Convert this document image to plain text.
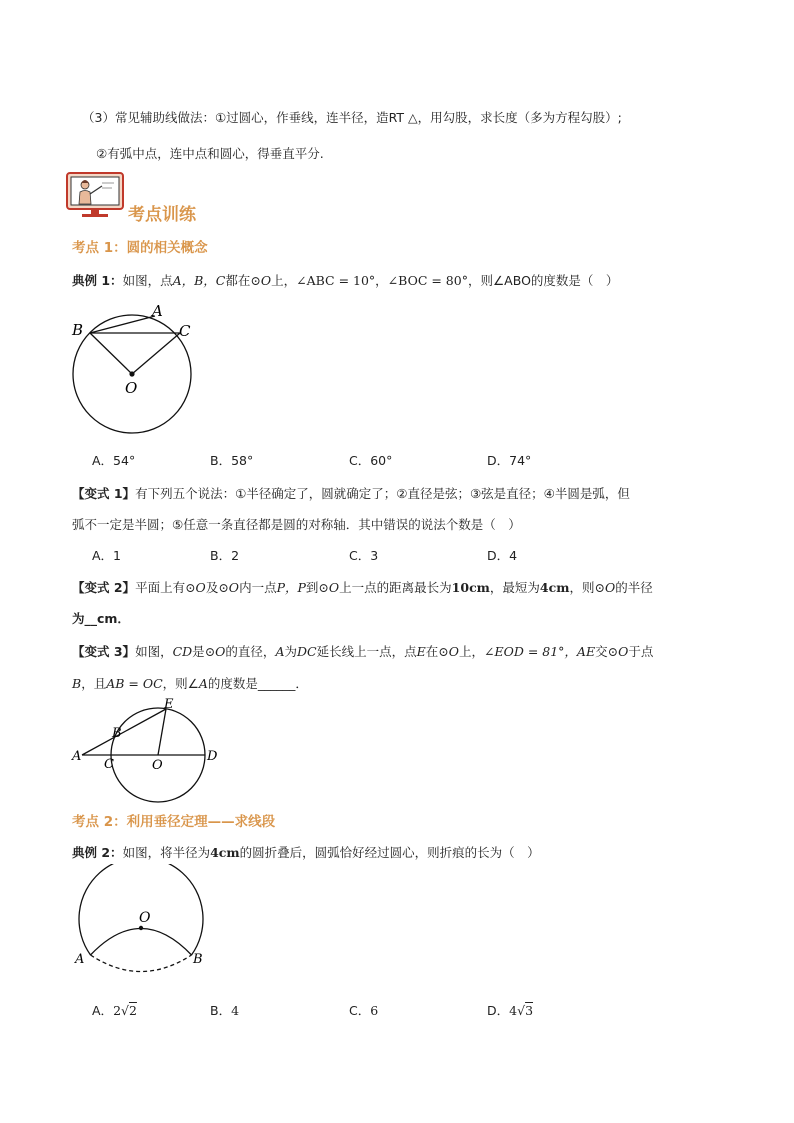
（3）常见辅助线做法：①过圆心，作垂线，连半径，造RT △，用勾股，求长度（多为方程勾股）;
②有弧中点，连中点和圆心，得垂直平分.
考点训练
考点 1：圆的相关概念
典例 1：如图，点A，B，C都在⊙O上，∠ABC = 10°，∠BOC = 80°，则∠ABO的度数是（　）
A
B	C
O
A．54°	B．58°	C．60°	D．74°
【变式 1】有下列五个说法：①半径确定了，圆就确定了；②直径是弦；③弦是直径；④半圆是弧，但
弧不一定是半圆；⑤任意一条直径都是圆的对称轴．其中错误的说法个数是（　）
A．1	B．2	C．3	D．4
【变式 2】平面上有⊙O及⊙O内一点P，P到⊙O上一点的距离最长为10cm，最短为4cm，则⊙O的半径
为__cm．
【变式 3】如图，CD是⊙O的直径，A为DC延长线上一点，点E在⊙O上，∠EOD = 81°，AE交⊙O于点
B，且AB = OC，则∠A的度数是______．
A
B
C
D
E
O
考点 2：利用垂径定理——求线段
典例 2：如图，将半径为4cm的圆折叠后，圆弧恰好经过圆心，则折痕的长为（　）
O
A	B
A．2√2	B．4	C．6	D．4√3
